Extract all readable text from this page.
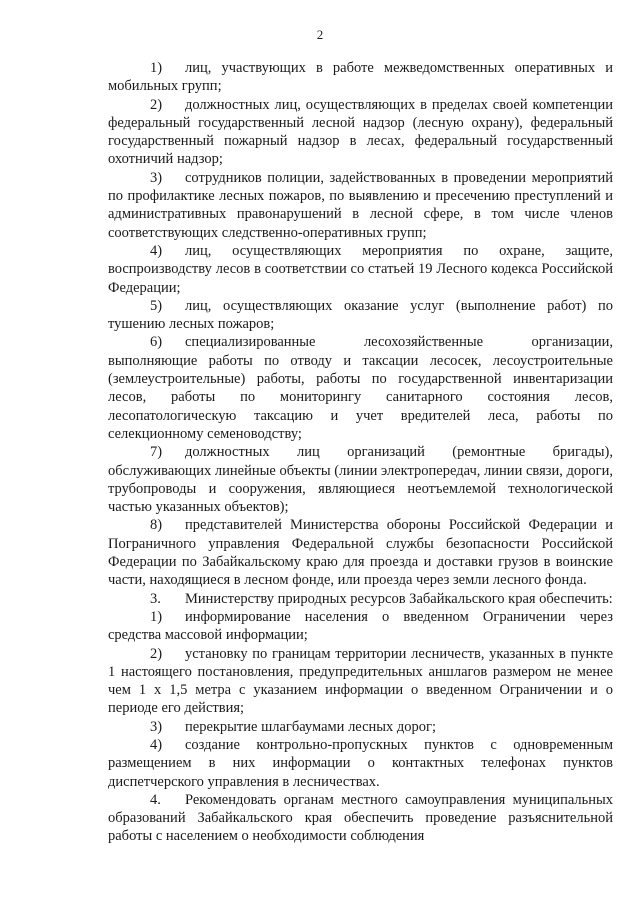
2

1) лиц, участвующих в работе межведомственных оперативных и мобильных групп;

2) должностных лиц, осуществляющих в пределах своей компетенции федеральный государственный лесной надзор (лесную охрану), федеральный государственный пожарный надзор в лесах, федеральный государственный охотничий надзор;

3) сотрудников полиции, задействованных в проведении мероприятий по профилактике лесных пожаров, по выявлению и пресечению преступлений и административных правонарушений в лесной сфере, в том числе членов соответствующих следственно-оперативных групп;

4) лиц, осуществляющих мероприятия по охране, защите, воспроизводству лесов в соответствии со статьей 19 Лесного кодекса Российской Федерации;

5) лиц, осуществляющих оказание услуг (выполнение работ) по тушению лесных пожаров;

6) специализированные лесохозяйственные организации, выполняющие работы по отводу и таксации лесосек, лесоустроительные (землеустроительные) работы, работы по государственной инвентаризации лесов, работы по мониторингу санитарного состояния лесов, лесопатологическую таксацию и учет вредителей леса, работы по селекционному семеноводству;

7) должностных лиц организаций (ремонтные бригады), обслуживающих линейные объекты (линии электропередач, линии связи, дороги, трубопроводы и сооружения, являющиеся неотъемлемой технологической частью указанных объектов);

8) представителей Министерства обороны Российской Федерации и Пограничного управления Федеральной службы безопасности Российской Федерации по Забайкальскому краю для проезда и доставки грузов в воинские части, находящиеся в лесном фонде, или проезда через земли лесного фонда.

3. Министерству природных ресурсов Забайкальского края обеспечить:

1) информирование населения о введенном Ограничении через средства массовой информации;

2) установку по границам территории лесничеств, указанных в пункте 1 настоящего постановления, предупредительных аншлагов размером не менее чем 1 х 1,5 метра с указанием информации о введенном Ограничении и о периоде его действия;

3) перекрытие шлагбаумами лесных дорог;

4) создание контрольно-пропускных пунктов с одновременным размещением в них информации о контактных телефонах пунктов диспетчерского управления в лесничествах.

4. Рекомендовать органам местного самоуправления муниципальных образований Забайкальского края обеспечить проведение разъяснительной работы с населением о необходимости соблюдения
